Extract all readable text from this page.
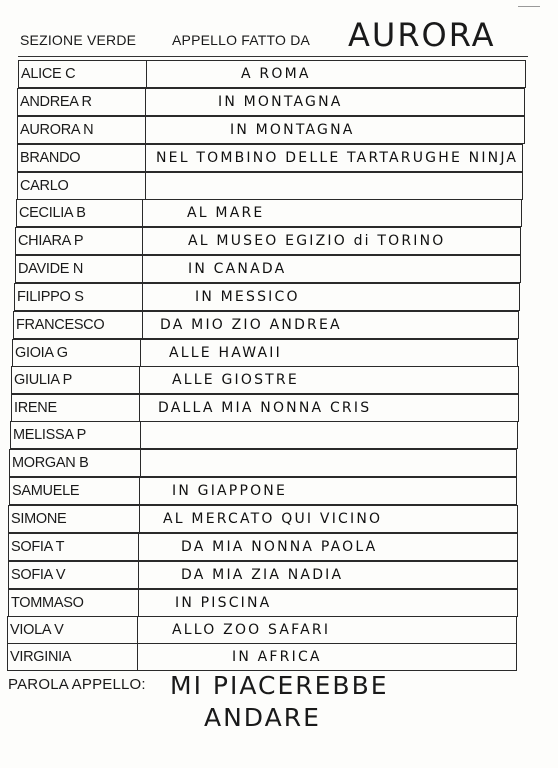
SEZIONE VERDE	APPELLO FATTO DA AURORA
ALICE C	A ROMA
ANDREA R	IN MONTAGNA
AURORA N	IN MONTAGNA
BRANDO	NEL TOMBINO DELLE TARTARUGHE NINJA
CARLO
CECILIA B	AL MARE
CHIARA P	AL MUSEO EGIZIO di TORINO
DAVIDE N	IN CANADA
FILIPPO S	IN MESSICO
FRANCESCO	DA MIO ZIO ANDREA
GIOIA G	ALLE HAWAII
GIULIA P	ALLE GIOSTRE
IRENE	DALLA MIA NONNA CRIS
MELISSA P
MORGAN B
SAMUELE	IN GIAPPONE
SIMONE	AL MERCATO QUI VICINO
SOFIA T	DA MIA NONNA PAOLA
SOFIA V	DA MIA ZIA NADIA
TOMMASO	IN PISCINA
VIOLA V	ALLO ZOO SAFARI
VIRGINIA	IN AFRICA
PAROLA APPELLO: MI PIACEREBBE
ANDARE
